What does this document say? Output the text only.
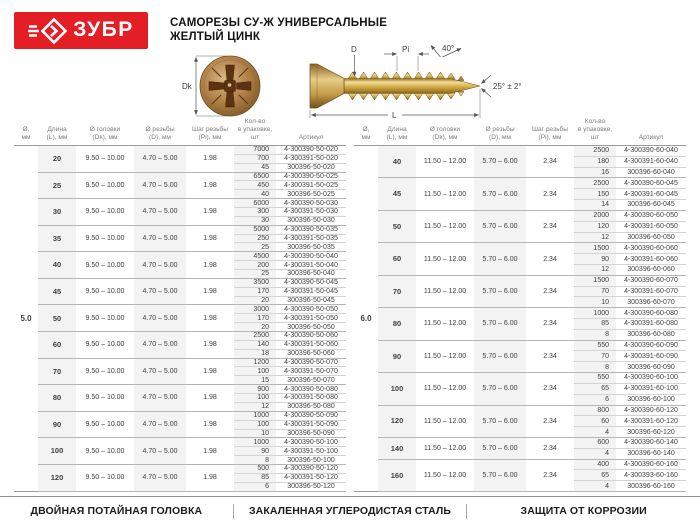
ЗУБР	САМОРЕЗЫ СУ-Ж УНИВЕРСАЛЬНЫЕ
ЖЕЛТЫЙ ЦИНК
Dk
D	Pi	40°
25° ± 2°
L
Ø,
мм

Длина
(L), мм

Ø головки
(Dk), мм

Ø резьбы
(D), мм

Шаг резьбы
(Pi), мм

Кол-во
в упаковке, шт	Артикул

5.0	20	9.50 – 10.00	4.70 – 5.00	1.98	7000	4-300390-50-020
					700	4-300391-50-020
					45	300396-50-020
	25	9.50 – 10.00	4.70 – 5.00	1.98	6500	4-300390-50-025
					450	4-300391-50-025
					40	300396-50-025
	30	9.50 – 10.00	4.70 – 5.00	1.98	6000	4-300390-50-030
					300	4-300391-50-030
					30	300396-50-030
	35	9.50 – 10.00	4.70 – 5.00	1.98	5000	4-300390-50-035
					250	4-300391-50-035
					25	300396-50-035
	40	9.50 – 10.00	4.70 – 5.00	1.98	4500	4-300390-50-040
					200	4-300391-50-040
					25	300396-50-040
	45	9.50 – 10.00	4.70 – 5.00	1.98	3500	4-300390-50-045
					170	4-300391-50-045
					20	300396-50-045
	50	9.50 – 10.00	4.70 – 5.00	1.98	3000	4-300390-50-050
					170	4-300391-50-050
					20	300396-50-050
	60	9.50 – 10.00	4.70 – 5.00	1.98	2500	4-300390-50-060
					140	4-300391-50-060
					18	300396-50-060
	70	9.50 – 10.00	4.70 – 5.00	1.98	1200	4-300390-50-070
					100	4-300391-50-070
					15	300396-50-070
	80	9.50 – 10.00	4.70 – 5.00	1.98	900	4-300390-50-080
					100	4-300391-50-080
					12	300396-50-080
	90	9.50 – 10.00	4.70 – 5.00	1.98	1000	4-300390-50-090
					100	4-300391-50-090
					10	300396-50-090
	100	9.50 – 10.00	4.70 – 5.00	1.98	1000	4-300390-50-100
					90	4-300391-50-100
					8	300396-50-100
	120	9.50 – 10.00	4.70 – 5.00	1.98	500	4-300390-50-120
					85	4-300391-50-120
					6	300396-50-120
Ø,
мм

Длина
(L), мм

Ø головки
(Dk), мм

Ø резьбы
(D), мм

Шаг резьбы
(Pi), мм

Кол-во
в упаковке, шт	Артикул

6.0	40	11.50 – 12.00	5.70 – 6.00	2.34	2500	4-300390-60-040
					180	4-300391-60-040
					16	300396-60-040
	45	11.50 – 12.00	5.70 – 6.00	2.34	2500	4-300390-60-045
					150	4-300391-60-045
					14	300396-60-045
	50	11.50 – 12.00	5.70 – 6.00	2.34	2000	4-300390-60-050
					120	4-300391-60-050
					12	300396-60-050
	60	11.50 – 12.00	5.70 – 6.00	2.34	1500	4-300390-60-060
					90	4-300391-60-060
					12	300396-60-060
	70	11.50 – 12.00	5.70 – 6.00	2.34	1500	4-300390-60-070
					70	4-300391-60-070
					10	300396-60-070
	80	11.50 – 12.00	5.70 – 6.00	2.34	1000	4-300390-60-080
					85	4-300391-60-080
					8	300396-60-080
	90	11.50 – 12.00	5.70 – 6.00	2.34	550	4-300390-60-090
					70	4-300391-60-090
					8	300396-60-090
	100	11.50 – 12.00	5.70 – 6.00	2.34	550	4-300390-60-100
					65	4-300391-60-100
					6	300396-60-100
	120	11.50 – 12.00	5.70 – 6.00	2.34	800	4-300390-60-120
					60	4-300391-60-120
					4	300396-60-120
	140	11.50 – 12.00	5.70 – 6.00	2.34	600	4-300390-60-140
					4	300396-60-140
	160	11.50 – 12.00	5.70 – 6.00	2.34	400	4-300390-60-160
					65	4-300393-60-160
					4	300396-60-160
ДВОЙНАЯ ПОТАЙНАЯ ГОЛОВКА	ЗАКАЛЕННАЯ УГЛЕРОДИСТАЯ СТАЛЬ	ЗАЩИТА ОТ КОРРОЗИИ
